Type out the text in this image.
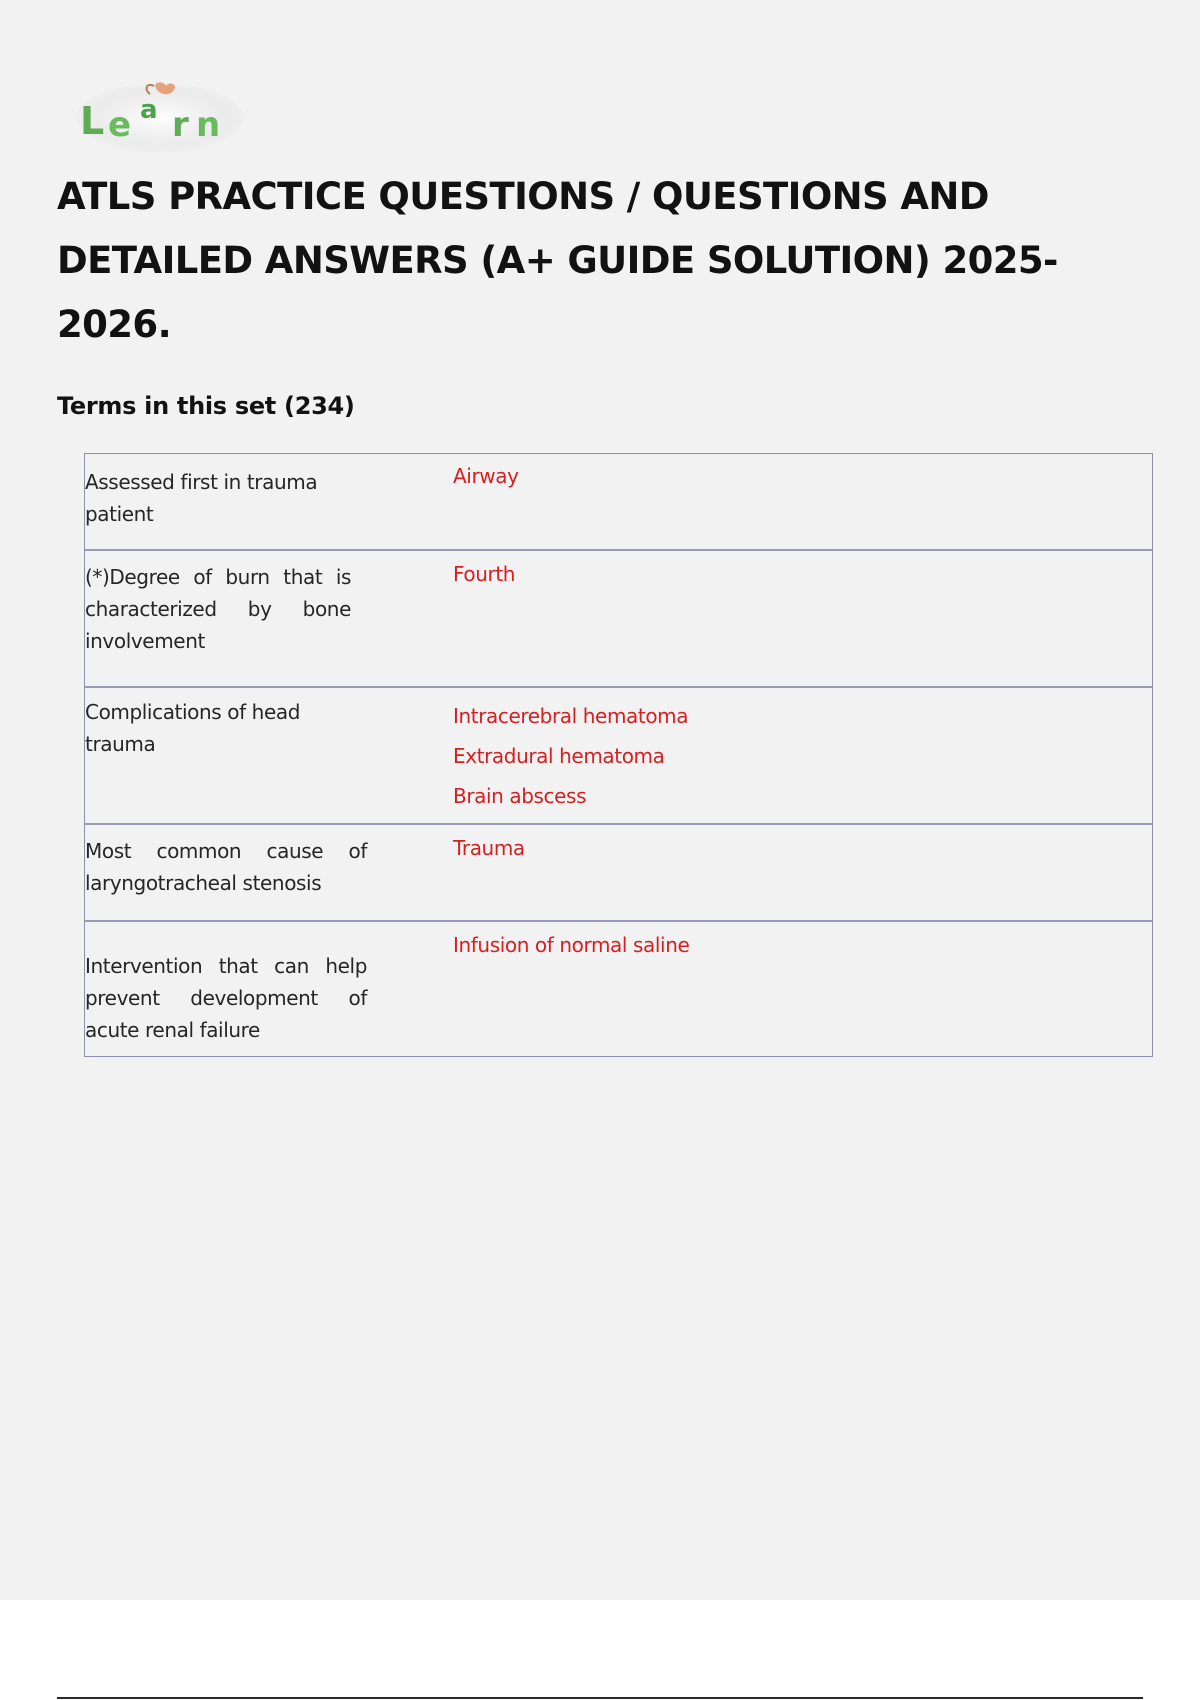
L e a r n
ATLS PRACTICE QUESTIONS / QUESTIONS AND DETAILED ANSWERS (A+ GUIDE SOLUTION) 2025-2026.
Terms in this set (234)
Assessed first in trauma patient
Airway
(*)Degree of burn that is characterized by bone involvement
Fourth
Complications of head trauma
Intracerebral hematoma
Extradural hematoma
Brain abscess
Most common cause of laryngotracheal stenosis
Trauma
Intervention that can help prevent development of acute renal failure
Infusion of normal saline
